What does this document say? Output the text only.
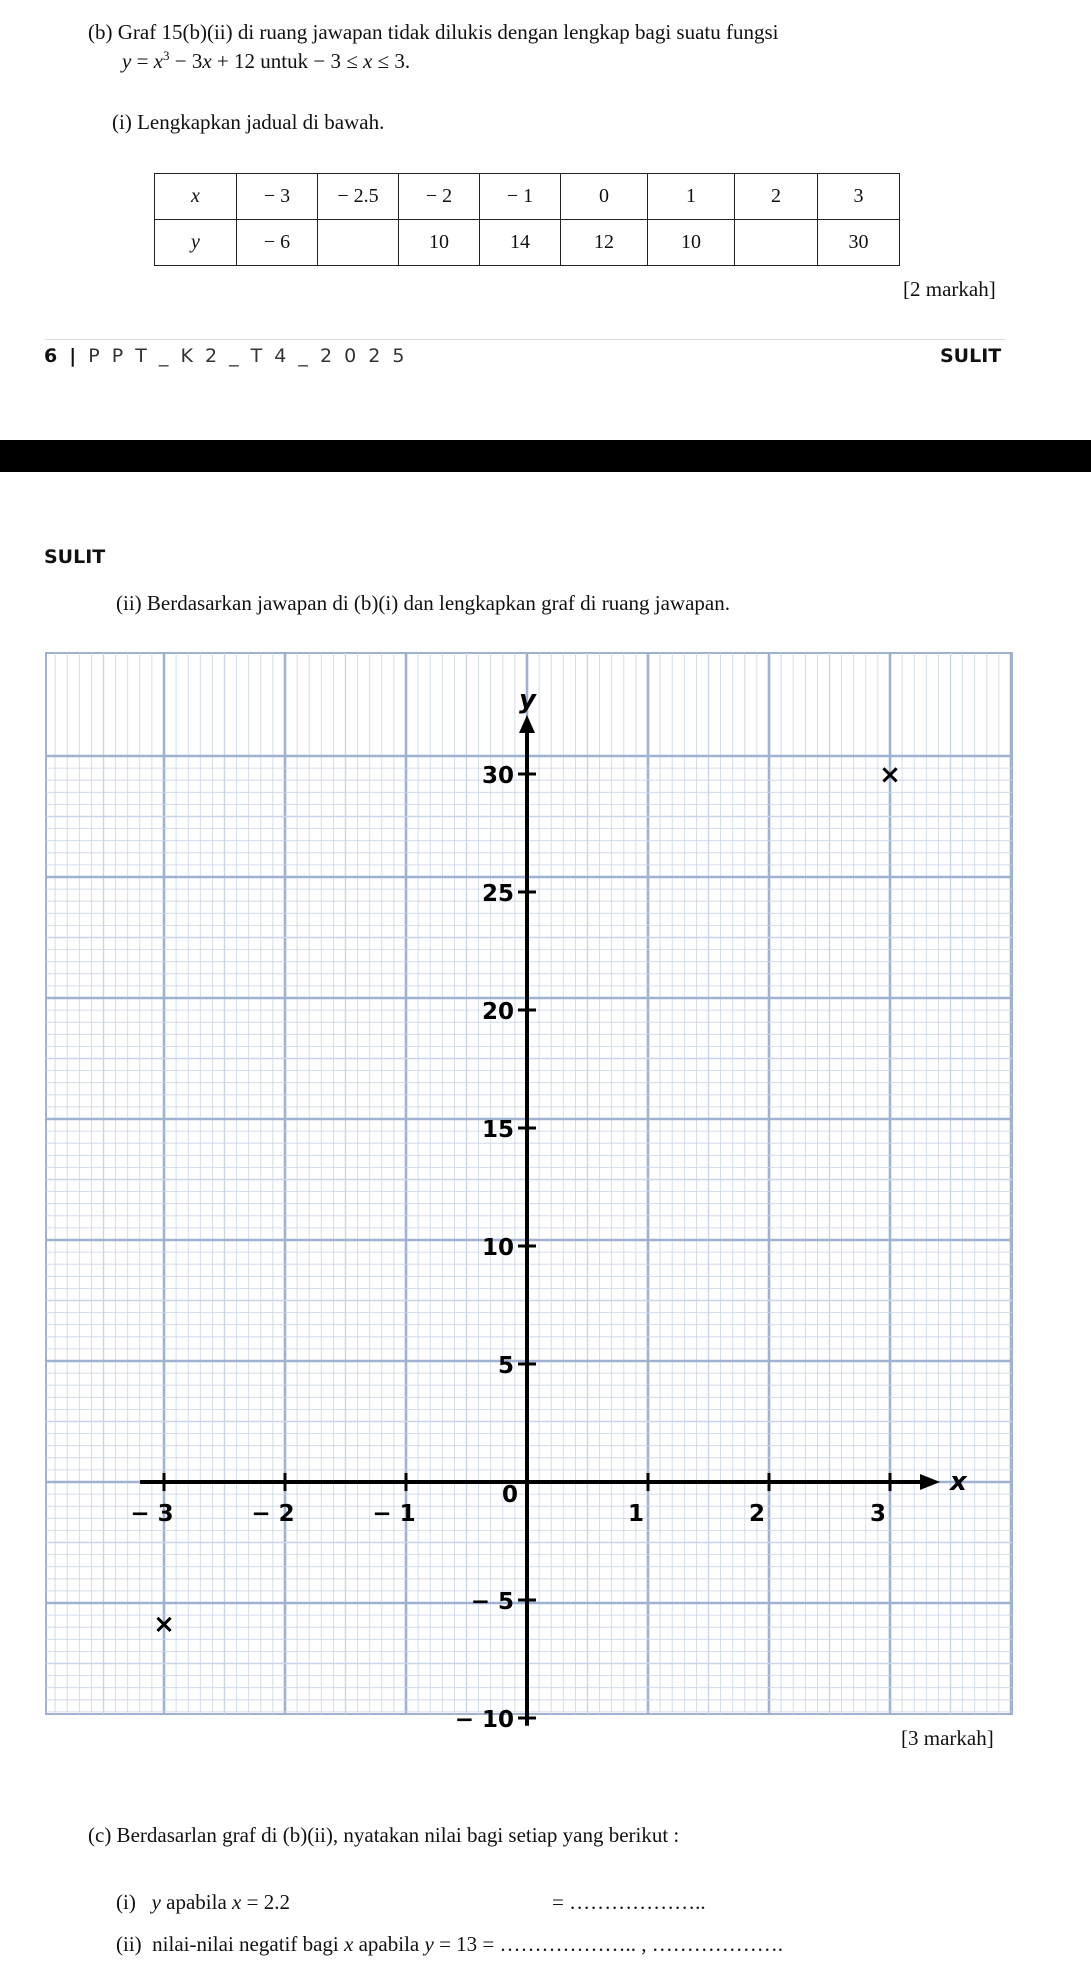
(b) Graf 15(b)(ii) di ruang jawapan tidak dilukis dengan lengkap bagi suatu fungsi
$y = x^3 - 3x + 12$ untuk − 3 ≤ x ≤ 3.
(i) Lengkapkan jadual di bawah.
x	− 3	− 2.5	− 2	− 1	0	1	2	3
y	− 6		10	14	12	10		30
[2 markah]
6 | P P T _ K 2 _ T 4 _ 2 0 2 5	SULIT
SULIT
(ii) Berdasarkan jawapan di (b)(i) dan lengkapkan graf di ruang jawapan.
x
y
− 3	− 2	− 1	1	2	3
0
− 10
− 5
5
10
15
20
25
30
×
×
[3 markah]
(c) Berdasarlan graf di (b)(ii), nyatakan nilai bagi setiap yang berikut :
(i) y apabila x = 2.2	= ………………..
(ii) nilai-nilai negatif bagi x apabila y = 13 = ……………….. , ……………….
